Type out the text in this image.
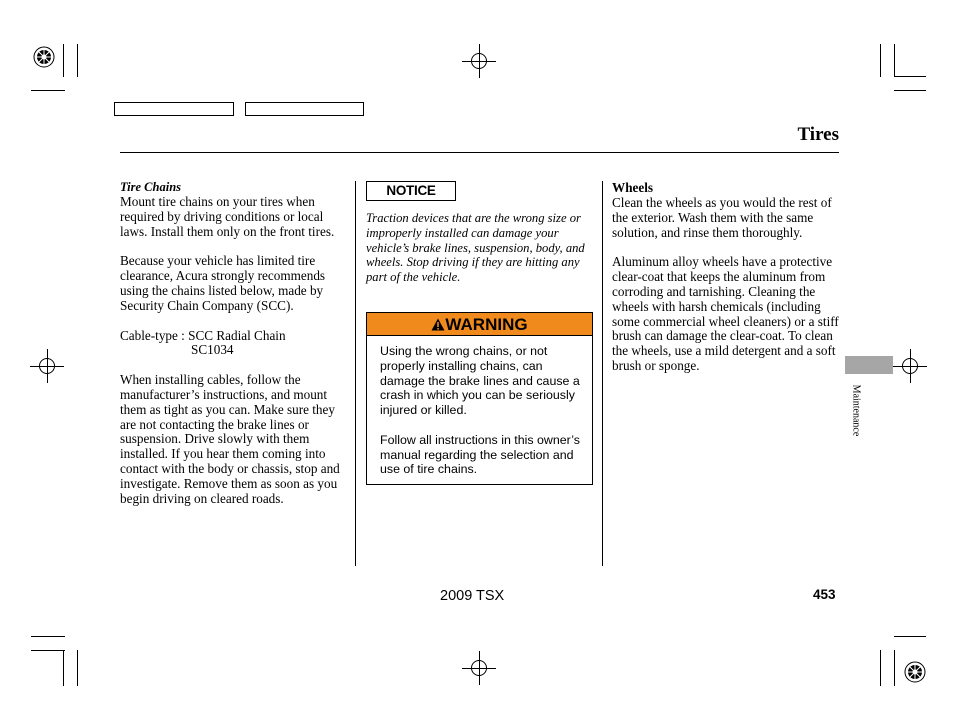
Tires

Tire Chains

Mount tire chains on your tires when required by driving conditions or local laws. Install them only on the front tires.

Because your vehicle has limited tire clearance, Acura strongly recommends using the chains listed below, made by Security Chain Company (SCC).

Cable-type : SCC Radial Chain

SC1034

When installing cables, follow the manufacturer’s instructions, and mount them as tight as you can. Make sure they are not contacting the brake lines or suspension. Drive slowly with them installed. If you hear them coming into contact with the body or chassis, stop and investigate. Remove them as soon as you begin driving on cleared roads.

NOTICE

Traction devices that are the wrong size or improperly installed can damage your vehicle’s brake lines, suspension, body, and wheels. Stop driving if they are hitting any part of the vehicle.

WARNING

Using the wrong chains, or not properly installing chains, can damage the brake lines and cause a crash in which you can be seriously injured or killed.

Follow all instructions in this owner’s manual regarding the selection and use of tire chains.

Wheels

Clean the wheels as you would the rest of the exterior. Wash them with the same solution, and rinse them thoroughly.

Aluminum alloy wheels have a protective clear-coat that keeps the aluminum from corroding and tarnishing. Cleaning the wheels with harsh chemicals (including some commercial wheel cleaners) or a stiff brush can damage the clear-coat. To clean the wheels, use a mild detergent and a soft brush or sponge.

Maintenance
2009 TSX	453
